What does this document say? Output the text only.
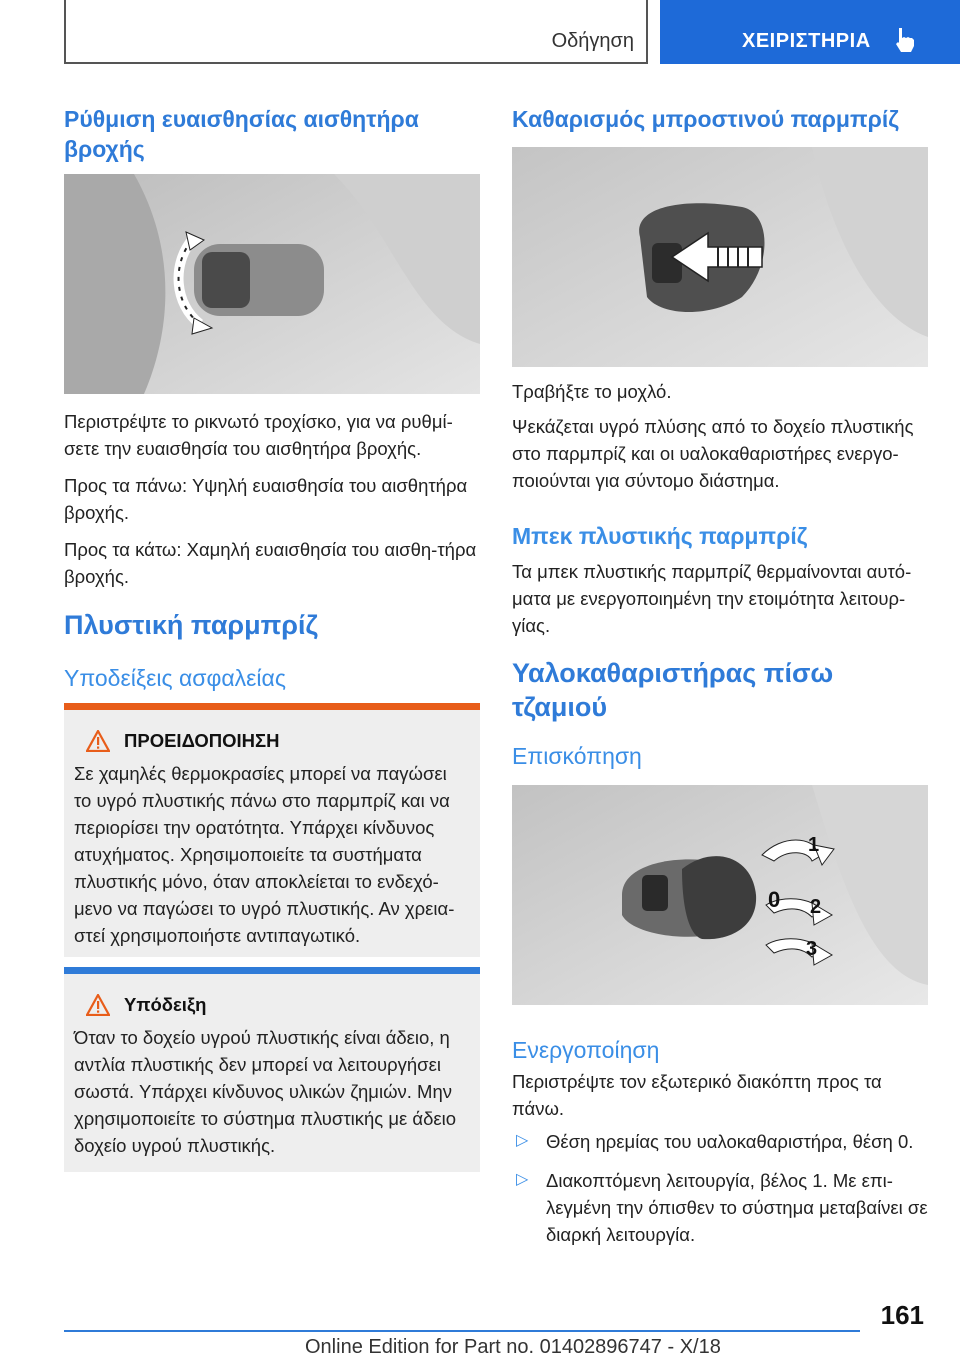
Οδήγηση	ΧΕΙΡΙΣΤΗΡΙΑ
Ρύθμιση ευαισθησίας αισθητήρα βροχής

Περιστρέψτε το ρικνωτό τροχίσκο, για να ρυθμί-σετε την ευαισθησία του αισθητήρα βροχής.

Προς τα πάνω: Υψηλή ευαισθησία του αισθητήρα βροχής.

Προς τα κάτω: Χαμηλή ευαισθησία του αισθη-τήρα βροχής.

Πλυστική παρμπρίζ
Υποδείξεις ασφαλείας
ΠΡΟΕΙΔΟΠΟΙΗΣΗ
Σε χαμηλές θερμοκρασίες μπορεί να παγώσει το υγρό πλυστικής πάνω στο παρμπρίζ και να περιορίσει την ορατότητα. Υπάρχει κίνδυνος ατυχήματος. Χρησιμοποιείτε τα συστήματα πλυστικής μόνο, όταν αποκλείεται το ενδεχό-μενο να παγώσει το υγρό πλυστικής. Αν χρεια-στεί χρησιμοποιήστε αντιπαγωτικό.
Υπόδειξη
Όταν το δοχείο υγρού πλυστικής είναι άδειο, η αντλία πλυστικής δεν μπορεί να λειτουργήσει σωστά. Υπάρχει κίνδυνος υλικών ζημιών. Μην χρησιμοποιείτε το σύστημα πλυστικής με άδειο δοχείο υγρού πλυστικής.
Καθαρισμός μπροστινού παρμπρίζ

Τραβήξτε το μοχλό.

Ψεκάζεται υγρό πλύσης από το δοχείο πλυστικής στο παρμπρίζ και οι υαλοκαθαριστήρες ενεργο-ποιούνται για σύντομο διάστημα.

Μπεκ πλυστικής παρμπρίζ

Τα μπεκ πλυστικής παρμπρίζ θερμαίνονται αυτό-ματα με ενεργοποιημένη την ετοιμότητα λειτουρ-γίας.

Υαλοκαθαριστήρας πίσω τζαμιού
Επισκόπηση
1
0 2
3
Ενεργοποίηση

Περιστρέψτε τον εξωτερικό διακόπτη προς τα πάνω.

▷ Θέση ηρεμίας του υαλοκαθαριστήρα, θέση 0.
▷ Διακοπτόμενη λειτουργία, βέλος 1. Με επι-λεγμένη την όπισθεν το σύστημα μεταβαίνει σε διαρκή λειτουργία.
161
Online Edition for Part no. 01402896747 - X/18
